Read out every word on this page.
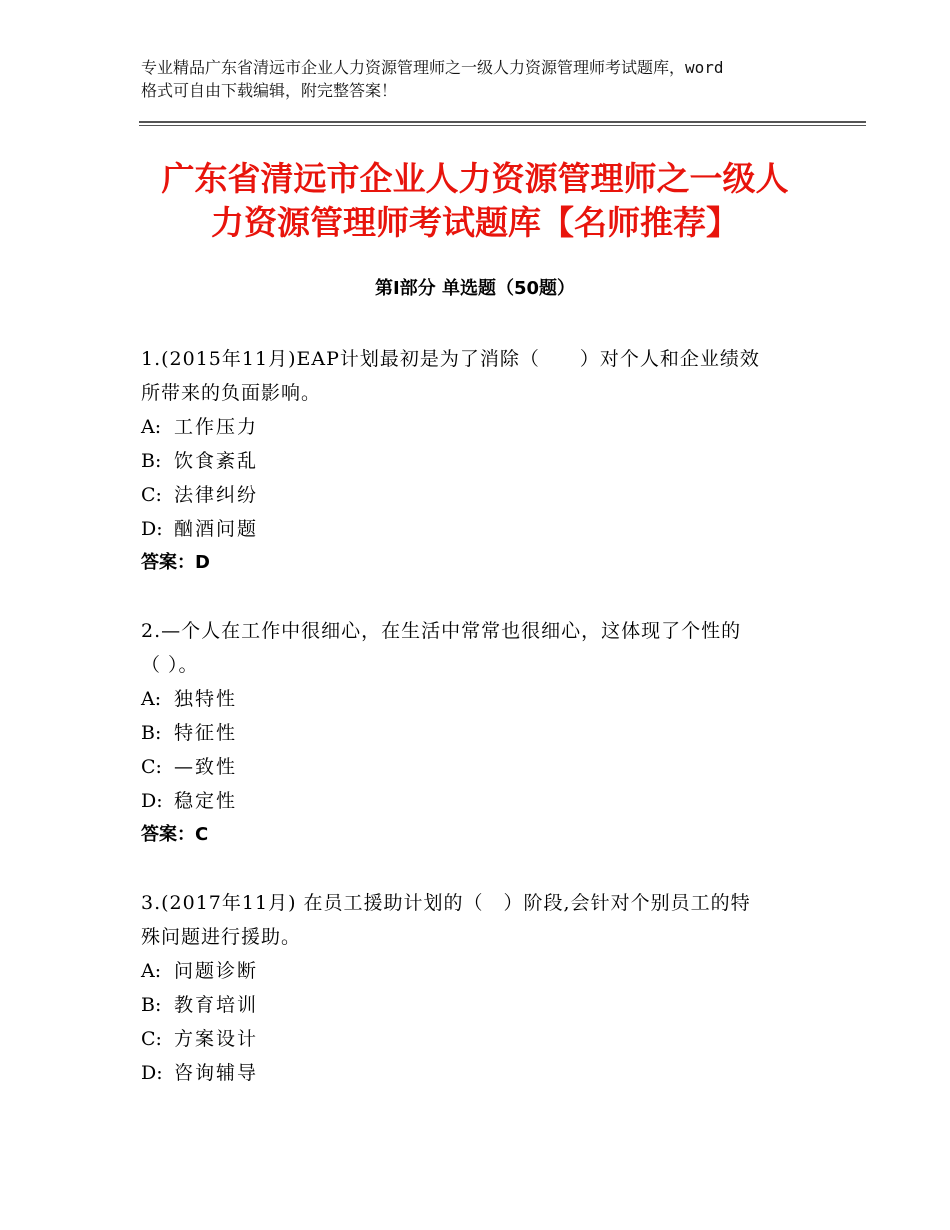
专业精品广东省清远市企业人力资源管理师之一级人力资源管理师考试题库，word
格式可自由下载编辑，附完整答案！
广东省清远市企业人力资源管理师之一级人
力资源管理师考试题库【名师推荐】
第Ⅰ部分 单选题（50题）
1.(2015年11月)EAP计划最初是为了消除（　　）对个人和企业绩效
所带来的负面影响。
A: 工作压力
B: 饮食紊乱
C: 法律纠纷
D: 酗酒问题
答案：D
2.—个人在工作中很细心，在生活中常常也很细心，这体现了个性的
（ ）。
A: 独特性
B: 特征性
C: —致性
D: 稳定性
答案：C
3.(2017年11月) 在员工援助计划的（　）阶段,会针对个别员工的特
殊问题进行援助。
A: 问题诊断
B: 教育培训
C: 方案设计
D: 咨询辅导
